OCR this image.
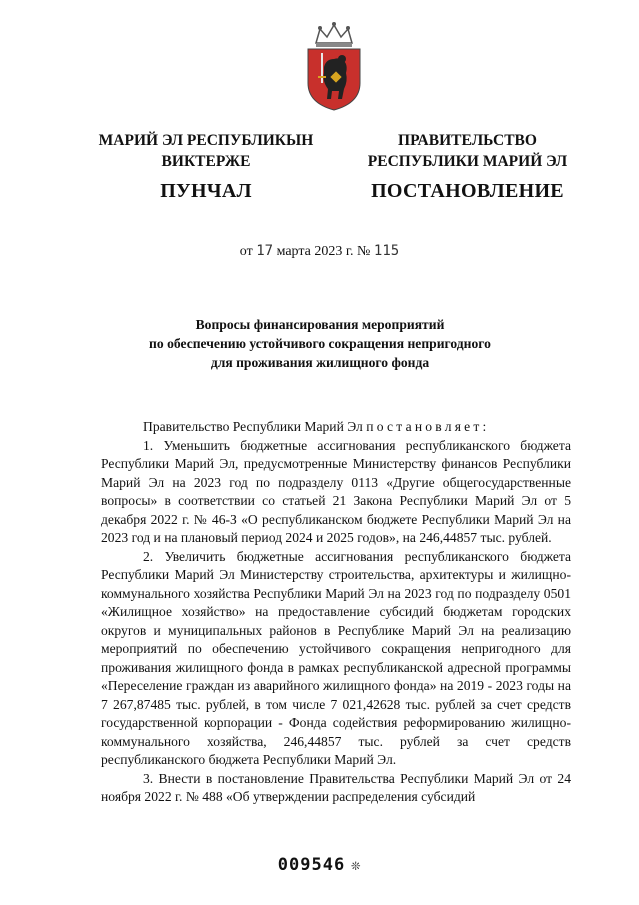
МАРИЙ ЭЛ РЕСПУБЛИКЫН
ВИКТЕРЖЕ
ПУНЧАЛ
ПРАВИТЕЛЬСТВО
РЕСПУБЛИКИ МАРИЙ ЭЛ
ПОСТАНОВЛЕНИЕ
от 17 марта 2023 г. № 115
Вопросы финансирования мероприятий
по обеспечению устойчивого сокращения непригодного
для проживания жилищного фонда

Правительство Республики Марий Эл постановляет:

1. Уменьшить бюджетные ассигнования республиканского бюджета Республики Марий Эл, предусмотренные Министерству финансов Республики Марий Эл на 2023 год по подразделу 0113 «Другие общегосударственные вопросы» в соответствии со статьей 21 Закона Республики Марий Эл от 5 декабря 2022 г. № 46-З «О республиканском бюджете Республики Марий Эл на 2023 год и на плановый период 2024 и 2025 годов», на 246,44857 тыс. рублей.

2. Увеличить бюджетные ассигнования республиканского бюджета Республики Марий Эл Министерству строительства, архитектуры и жилищно-коммунального хозяйства Республики Марий Эл на 2023 год по подразделу 0501 «Жилищное хозяйство» на предоставление субсидий бюджетам городских округов и муниципальных районов в Республике Марий Эл на реализацию мероприятий по обеспечению устойчивого сокращения непригодного для проживания жилищного фонда в рамках республиканской адресной программы «Переселение граждан из аварийного жилищного фонда» на 2019 - 2023 годы на 7 267,87485 тыс. рублей, в том числе 7 021,42628 тыс. рублей за счет средств государственной корпорации - Фонда содействия реформированию жилищно-коммунального хозяйства, 246,44857 тыс. рублей за счет средств республиканского бюджета Республики Марий Эл.

3. Внести в постановление Правительства Республики Марий Эл от 24 ноября 2022 г. № 488 «Об утверждении распределения субсидий

009546 ❊
